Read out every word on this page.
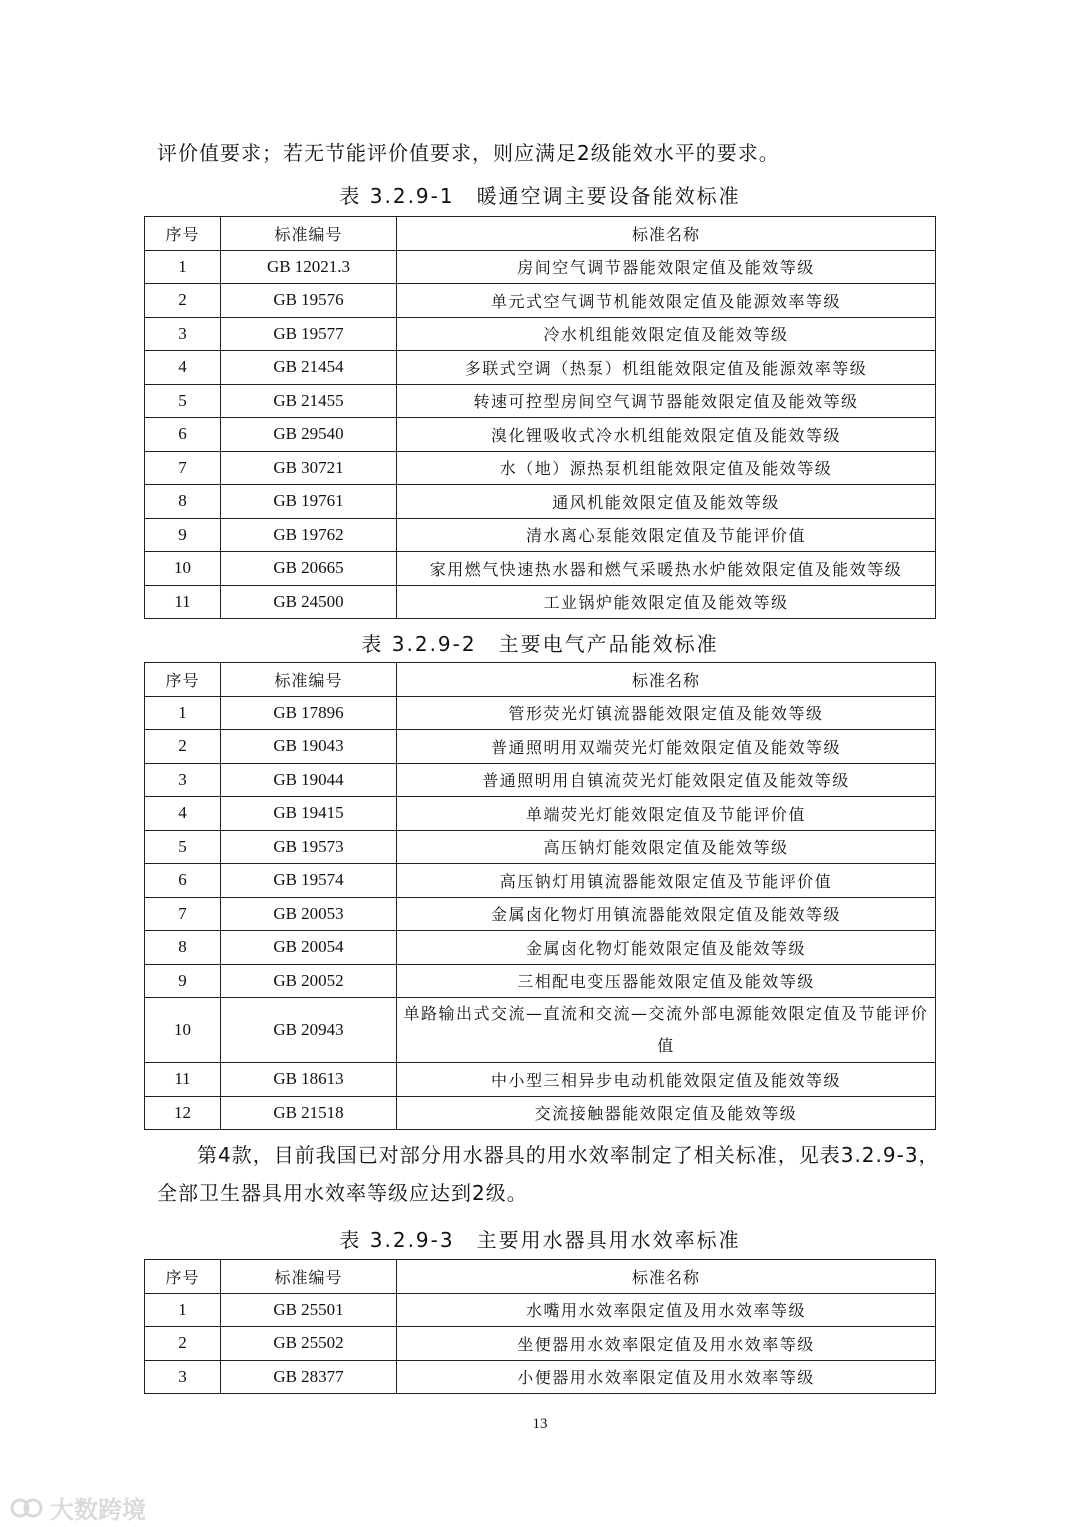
评价值要求；若无节能评价值要求，则应满足2级能效水平的要求。

表 3.2.9-1　暖通空调主要设备能效标准

序号	标准编号	标准名称
1	GB 12021.3	房间空气调节器能效限定值及能效等级
2	GB 19576	单元式空气调节机能效限定值及能源效率等级
3	GB 19577	冷水机组能效限定值及能效等级
4	GB 21454	多联式空调（热泵）机组能效限定值及能源效率等级
5	GB 21455	转速可控型房间空气调节器能效限定值及能效等级
6	GB 29540	溴化锂吸收式冷水机组能效限定值及能效等级
7	GB 30721	水（地）源热泵机组能效限定值及能效等级
8	GB 19761	通风机能效限定值及能效等级
9	GB 19762	清水离心泵能效限定值及节能评价值
10	GB 20665	家用燃气快速热水器和燃气采暖热水炉能效限定值及能效等级
11	GB 24500	工业锅炉能效限定值及能效等级

表 3.2.9-2　主要电气产品能效标准

序号	标准编号	标准名称
1	GB 17896	管形荧光灯镇流器能效限定值及能效等级
2	GB 19043	普通照明用双端荧光灯能效限定值及能效等级
3	GB 19044	普通照明用自镇流荧光灯能效限定值及能效等级
4	GB 19415	单端荧光灯能效限定值及节能评价值
5	GB 19573	高压钠灯能效限定值及能效等级
6	GB 19574	高压钠灯用镇流器能效限定值及节能评价值
7	GB 20053	金属卤化物灯用镇流器能效限定值及能效等级
8	GB 20054	金属卤化物灯能效限定值及能效等级
9	GB 20052	三相配电变压器能效限定值及能效等级
10	GB 20943	单路输出式交流—直流和交流—交流外部电源能效限定值及节能评价值
11	GB 18613	中小型三相异步电动机能效限定值及能效等级
12	GB 21518	交流接触器能效限定值及能效等级

第4款，目前我国已对部分用水器具的用水效率制定了相关标准，见表3.2.9-3，全部卫生器具用水效率等级应达到2级。

表 3.2.9-3　主要用水器具用水效率标准

序号	标准编号	标准名称
1	GB 25501	水嘴用水效率限定值及用水效率等级
2	GB 25502	坐便器用水效率限定值及用水效率等级
3	GB 28377	小便器用水效率限定值及用水效率等级
13
大数跨境
